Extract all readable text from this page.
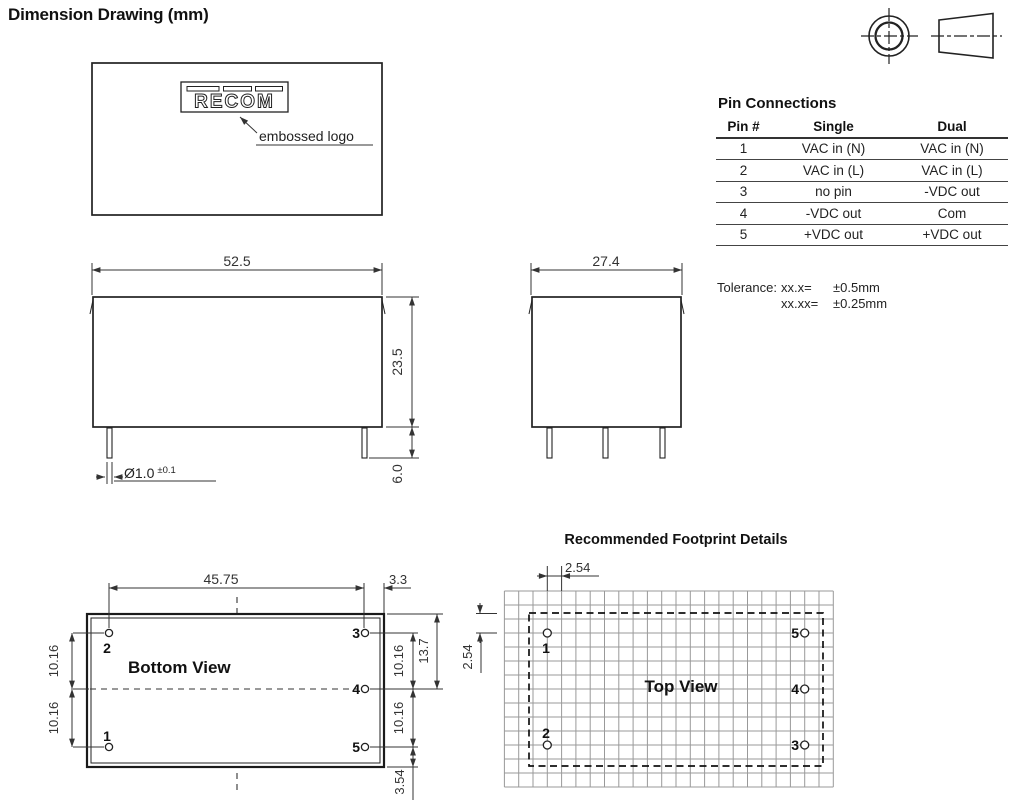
RECOM
embossed logo
52.5
23.5
6.0
Ø1.0 $^{\pm 0.1}$
27.4
Bottom View
2
1
3
4
5
45.75	3.3
10.16
10.16
10.16
10.16
3.54
13.7
Recommended Footprint Details
Top View
1
2
5
4
3
2.54
2.54
Dimension Drawing (mm)
Pin Connections
Pin #	Single	Dual
1	VAC in (N)	VAC in (N)
2	VAC in (L)	VAC in (L)
3	no pin	-VDC out
4	-VDC out	Com
5	+VDC out	+VDC out
Tolerance: xx.x=	±0.5mm
xx.xx=	±0.25mm
